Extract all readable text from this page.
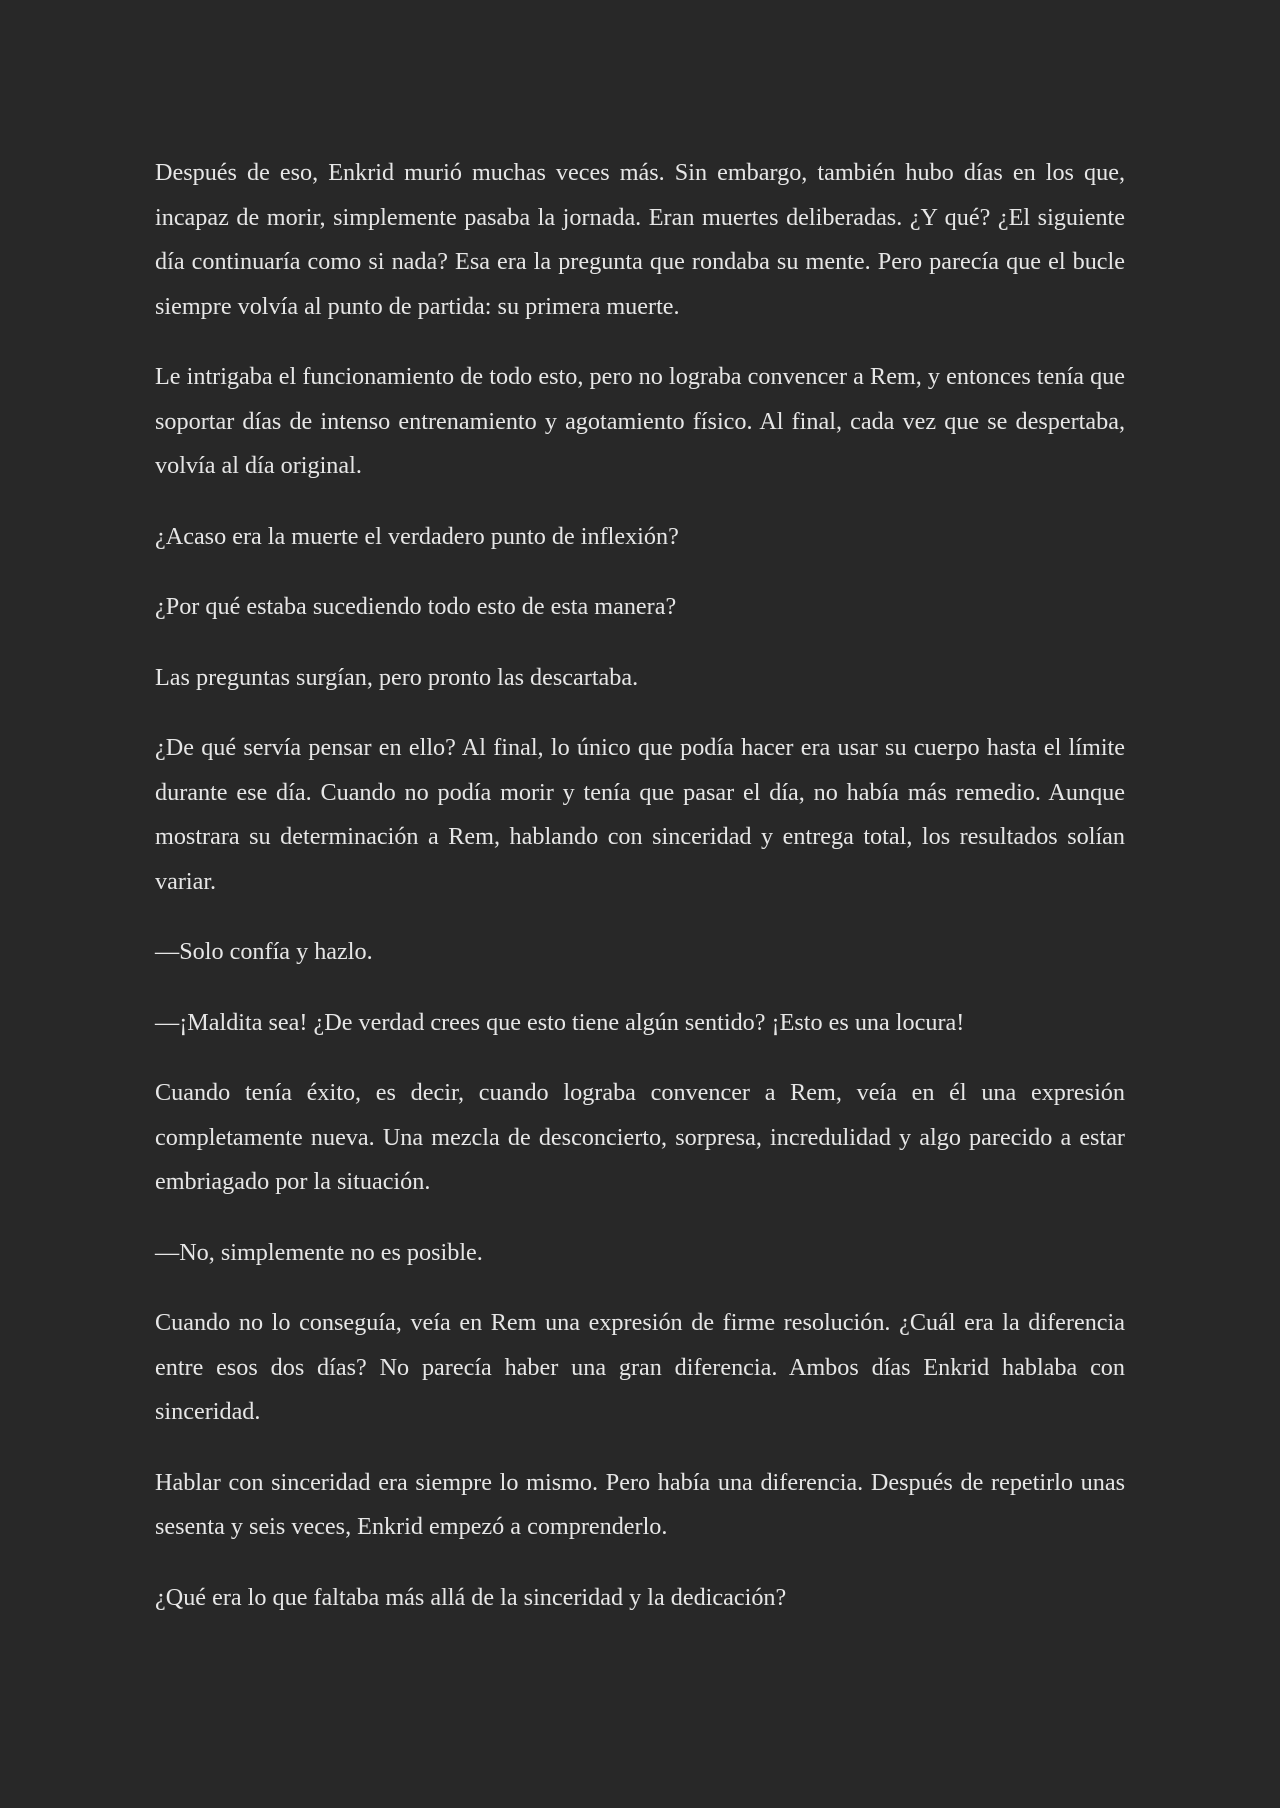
Después de eso, Enkrid murió muchas veces más. Sin embargo, también hubo días en los que, incapaz de morir, simplemente pasaba la jornada. Eran muertes deliberadas. ¿Y qué? ¿El siguiente día continuaría como si nada? Esa era la pregunta que rondaba su mente. Pero parecía que el bucle siempre volvía al punto de partida: su primera muerte.

Le intrigaba el funcionamiento de todo esto, pero no lograba convencer a Rem, y entonces tenía que soportar días de intenso entrenamiento y agotamiento físico. Al final, cada vez que se despertaba, volvía al día original.

¿Acaso era la muerte el verdadero punto de inflexión?

¿Por qué estaba sucediendo todo esto de esta manera?

Las preguntas surgían, pero pronto las descartaba.

¿De qué servía pensar en ello? Al final, lo único que podía hacer era usar su cuerpo hasta el límite durante ese día. Cuando no podía morir y tenía que pasar el día, no había más remedio. Aunque mostrara su determinación a Rem, hablando con sinceridad y entrega total, los resultados solían variar.

—Solo confía y hazlo.

—¡Maldita sea! ¿De verdad crees que esto tiene algún sentido? ¡Esto es una locura!

Cuando tenía éxito, es decir, cuando lograba convencer a Rem, veía en él una expresión completamente nueva. Una mezcla de desconcierto, sorpresa, incredulidad y algo parecido a estar embriagado por la situación.

—No, simplemente no es posible.

Cuando no lo conseguía, veía en Rem una expresión de firme resolución. ¿Cuál era la diferencia entre esos dos días? No parecía haber una gran diferencia. Ambos días Enkrid hablaba con sinceridad.

Hablar con sinceridad era siempre lo mismo. Pero había una diferencia. Después de repetirlo unas sesenta y seis veces, Enkrid empezó a comprenderlo.

¿Qué era lo que faltaba más allá de la sinceridad y la dedicación?
